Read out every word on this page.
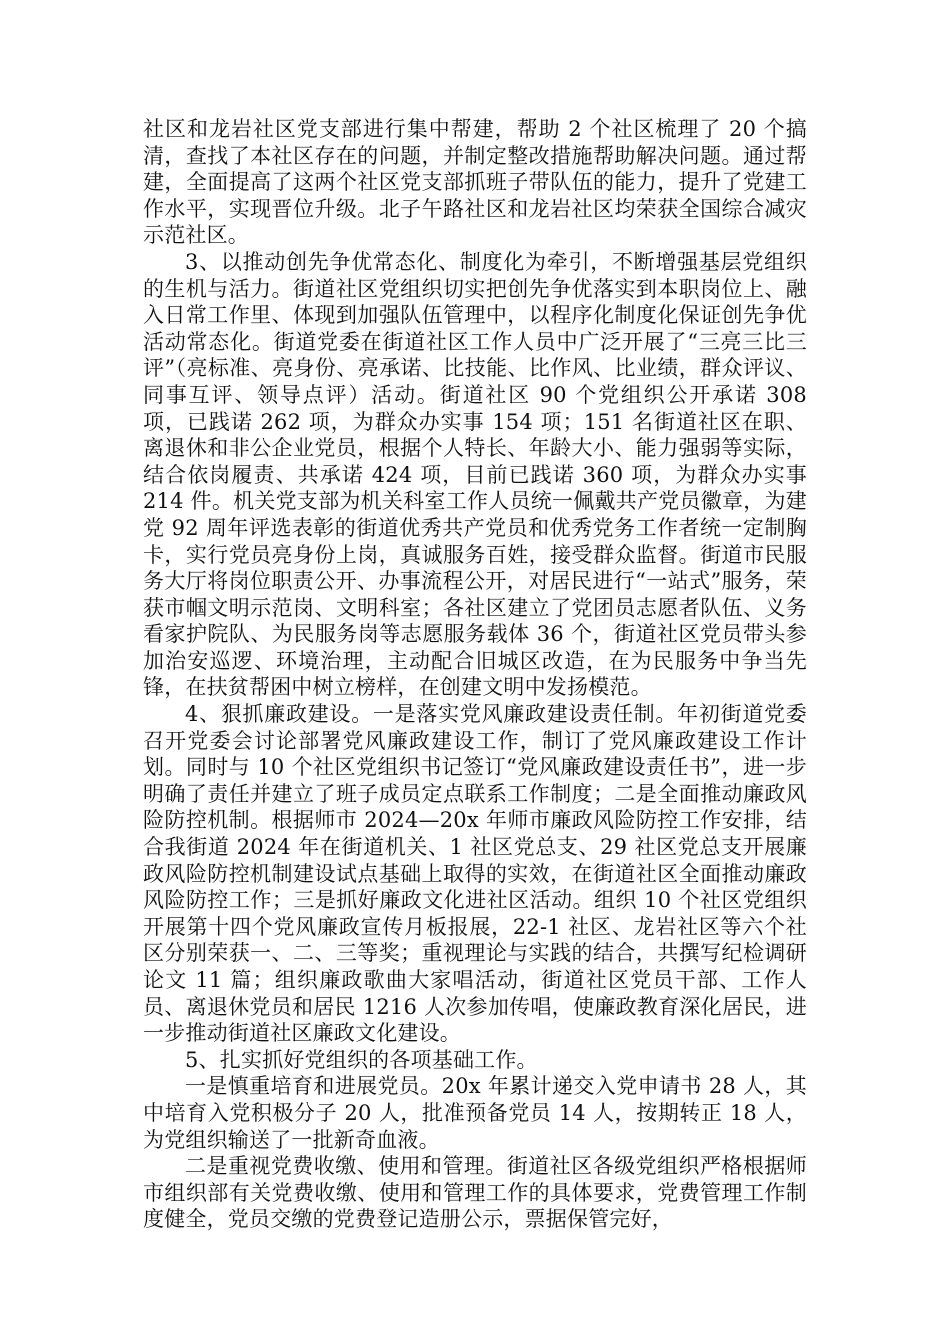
社区和龙岩社区党支部进行集中帮建，帮助 2 个社区梳理了 20 个搞清，查找了本社区存在的问题，并制定整改措施帮助解决问题。通过帮建，全面提高了这两个社区党支部抓班子带队伍的能力，提升了党建工作水平，实现晋位升级。北子午路社区和龙岩社区均荣获全国综合减灾示范社区。

3、以推动创先争优常态化、制度化为牵引，不断增强基层党组织的生机与活力。街道社区党组织切实把创先争优落实到本职岗位上、融入日常工作里、体现到加强队伍管理中，以程序化制度化保证创先争优活动常态化。街道党委在街道社区工作人员中广泛开展了“三亮三比三评”（亮标准、亮身份、亮承诺、比技能、比作风、比业绩，群众评议、同事互评、领导点评）活动。街道社区 90 个党组织公开承诺 308 项，已践诺 262 项，为群众办实事 154 项；151 名街道社区在职、离退休和非公企业党员，根据个人特长、年龄大小、能力强弱等实际，结合依岗履责、共承诺 424 项，目前已践诺 360 项，为群众办实事 214 件。机关党支部为机关科室工作人员统一佩戴共产党员徽章，为建党 92 周年评选表彰的街道优秀共产党员和优秀党务工作者统一定制胸卡，实行党员亮身份上岗，真诚服务百姓，接受群众监督。街道市民服务大厅将岗位职责公开、办事流程公开，对居民进行“一站式”服务，荣获市帼文明示范岗、文明科室；各社区建立了党团员志愿者队伍、义务看家护院队、为民服务岗等志愿服务载体 36 个，街道社区党员带头参加治安巡逻、环境治理，主动配合旧城区改造，在为民服务中争当先锋，在扶贫帮困中树立榜样，在创建文明中发扬模范。

4、狠抓廉政建设。一是落实党风廉政建设责任制。年初街道党委召开党委会讨论部署党风廉政建设工作，制订了党风廉政建设工作计划。同时与 10 个社区党组织书记签订“党风廉政建设责任书”，进一步明确了责任并建立了班子成员定点联系工作制度；二是全面推动廉政风险防控机制。根据师市 2024—20x 年师市廉政风险防控工作安排，结合我街道 2024 年在街道机关、1 社区党总支、29 社区党总支开展廉政风险防控机制建设试点基础上取得的实效，在街道社区全面推动廉政风险防控工作；三是抓好廉政文化进社区活动。组织 10 个社区党组织开展第十四个党风廉政宣传月板报展，22-1 社区、龙岩社区等六个社区分别荣获一、二、三等奖；重视理论与实践的结合，共撰写纪检调研论文 11 篇；组织廉政歌曲大家唱活动，街道社区党员干部、工作人员、离退休党员和居民 1216 人次参加传唱，使廉政教育深化居民，进一步推动街道社区廉政文化建设。

5、扎实抓好党组织的各项基础工作。

一是慎重培育和进展党员。20x 年累计递交入党申请书 28 人，其中培育入党积极分子 20 人，批准预备党员 14 人，按期转正 18 人，为党组织输送了一批新奇血液。

二是重视党费收缴、使用和管理。街道社区各级党组织严格根据师市组织部有关党费收缴、使用和管理工作的具体要求，党费管理工作制度健全，党员交缴的党费登记造册公示，票据保管完好，
